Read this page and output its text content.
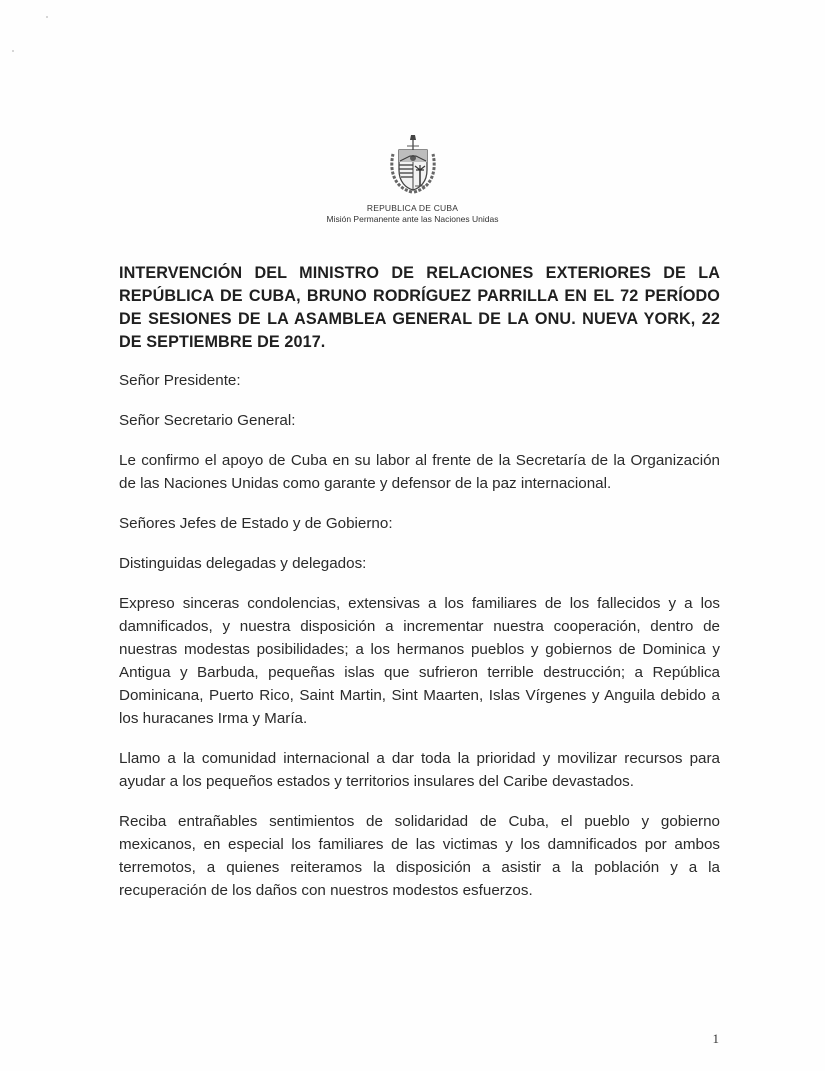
REPUBLICA DE CUBA
Misión Permanente ante las Naciones Unidas

INTERVENCIÓN DEL MINISTRO DE RELACIONES EXTERIORES DE LA REPÚBLICA DE CUBA, BRUNO RODRÍGUEZ PARRILLA EN EL 72 PERÍODO DE SESIONES DE LA ASAMBLEA GENERAL DE LA ONU. NUEVA YORK, 22 DE SEPTIEMBRE DE 2017.

Señor Presidente:

Señor Secretario General:

Le confirmo el apoyo de Cuba en su labor al frente de la Secretaría de la Organización de las Naciones Unidas como garante y defensor de la paz internacional.

Señores Jefes de Estado y de Gobierno:

Distinguidas delegadas y delegados:

Expreso sinceras condolencias, extensivas a los familiares de los fallecidos y a los damnificados, y nuestra disposición a incrementar nuestra cooperación, dentro de nuestras modestas posibilidades; a los hermanos pueblos y gobiernos de Dominica y Antigua y Barbuda, pequeñas islas que sufrieron terrible destrucción; a República Dominicana, Puerto Rico, Saint Martin, Sint Maarten, Islas Vírgenes y Anguila debido a los huracanes Irma y María.

Llamo a la comunidad internacional a dar toda la prioridad y movilizar recursos para ayudar a los pequeños estados y territorios insulares del Caribe devastados.

Reciba entrañables sentimientos de solidaridad de Cuba, el pueblo y gobierno mexicanos, en especial los familiares de las victimas y los damnificados por ambos terremotos, a quienes reiteramos la disposición a asistir a la población y a la recuperación de los daños con nuestros modestos esfuerzos.

1
